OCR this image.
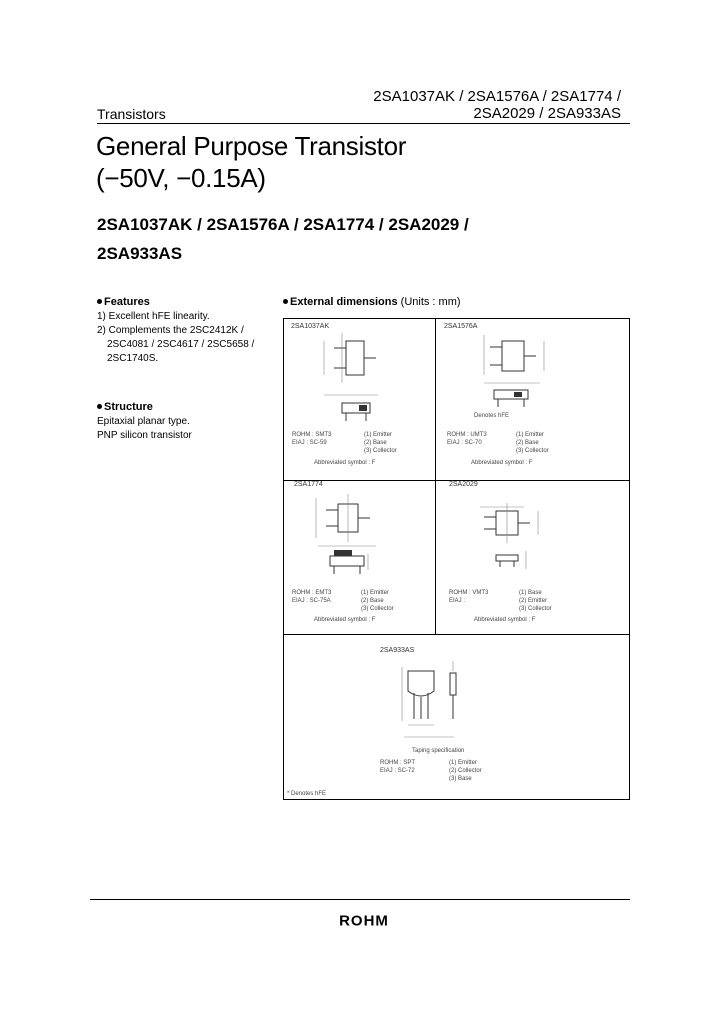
2SA1037AK / 2SA1576A / 2SA1774 /
2SA2029 / 2SA933AS
Transistors
General Purpose Transistor
(−50V, −0.15A)
2SA1037AK / 2SA1576A / 2SA1774 / 2SA2029 /
2SA933AS
Features
1) Excellent hFE linearity.
2) Complements the 2SC2412K /
2SC4081 / 2SC4617 / 2SC5658 /
2SC1740S.
Structure
Epitaxial planar type.
PNP silicon transistor
External dimensions (Units : mm)
2SA1037AK
ROHM : SMT3
EIAJ : SC-59
(1) Emitter
(2) Base
(3) Collector
Abbreviated symbol : F
2SA1576A
Denotes hFE
ROHM : UMT3
EIAJ : SC-70
(1) Emitter
(2) Base
(3) Collector
Abbreviated symbol : F
2SA1774
ROHM : EMT3
EIAJ : SC-75A
(1) Emitter
(2) Base
(3) Collector
Abbreviated symbol : F
2SA2029
ROHM : VMT3
EIAJ :
(1) Base
(2) Emitter
(3) Collector
Abbreviated symbol : F
2SA933AS
Taping specification
ROHM : SPT
EIAJ : SC-72
(1) Emitter
(2) Collector
(3) Base
* Denotes hFE
ROHM
